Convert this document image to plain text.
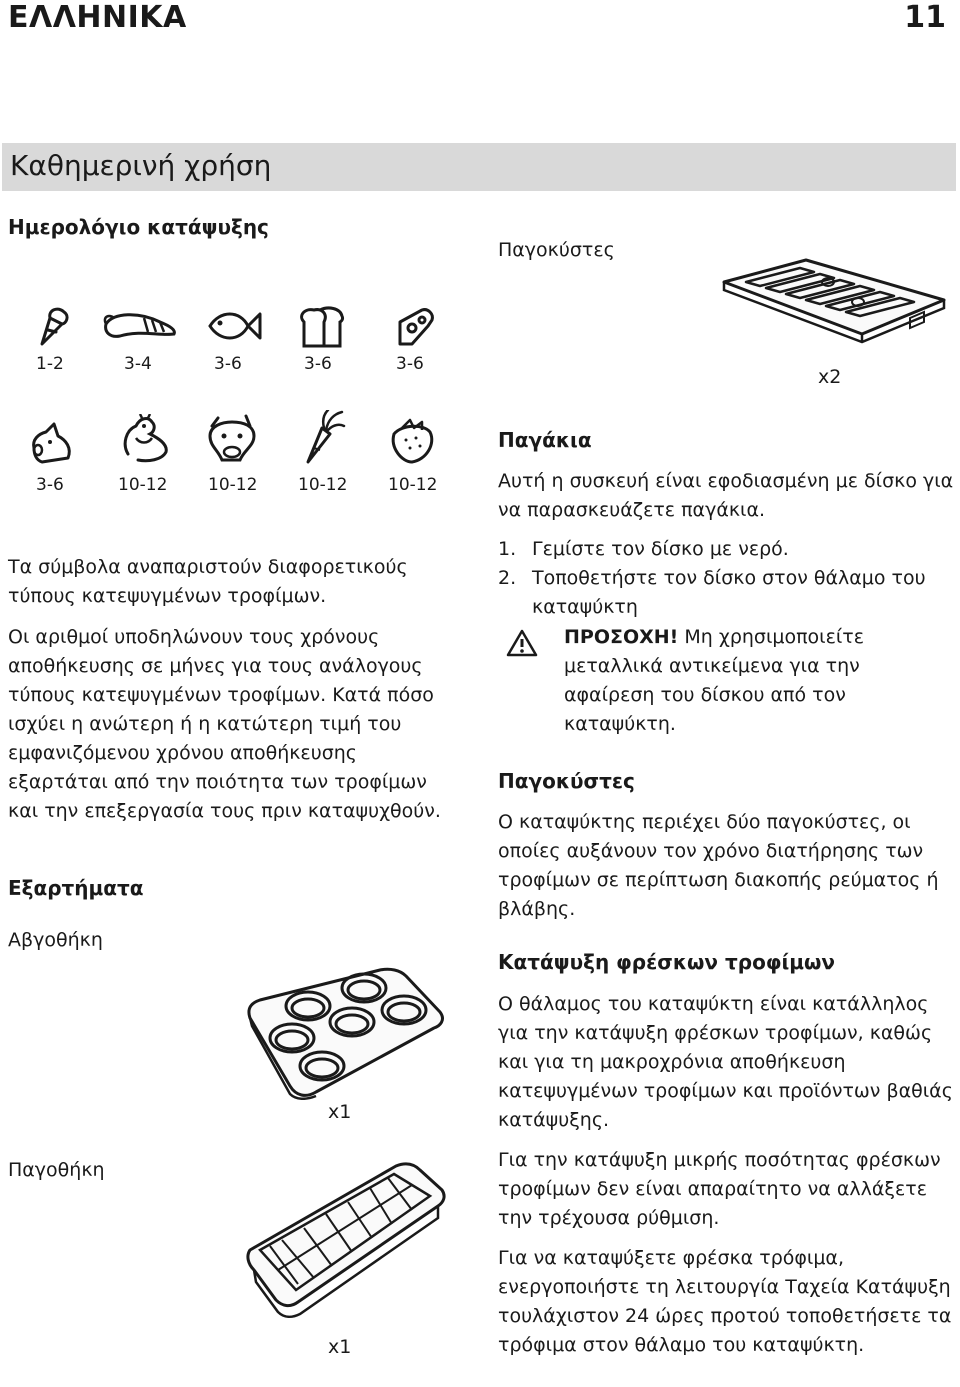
ΕΛΛΗΝΙΚΑ	11
Καθημερινή χρήση
Ημερολόγιο κατάψυξης
1-2	3-4	3-6	3-6	3-6
3-6	10-12 10-12 10-12 10-12

Τα σύμβολα αναπαριστούν διαφορετικούς τύπους κατεψυγμένων τροφίμων.

Οι αριθμοί υποδηλώνουν τους χρόνους αποθήκευσης σε μήνες για τους ανάλογους τύπους κατεψυγμένων τροφίμων. Κατά πόσο ισχύει η ανώτερη ή η κατώτερη τιμή του εμφανιζόμενου χρόνου αποθήκευσης εξαρτάται από την ποιότητα των τροφίμων και την επεξεργασία τους πριν καταψυχθούν.

Εξαρτήματα
Αβγοθήκη
x1
Παγοθήκη
x1
Παγοκύστες
x2
Παγάκια

Αυτή η συσκευή είναι εφοδιασμένη με δίσκο για να παρασκευάζετε παγάκια.

1. Γεμίστε τον δίσκο με νερό.
2. Τοποθετήστε τον δίσκο στον θάλαμο του καταψύκτη

ΠΡΟΣΟΧΗ! Μη χρησιμοποιείτε μεταλλικά αντικείμενα για την αφαίρεση του δίσκου από τον καταψύκτη.

Παγοκύστες

Ο καταψύκτης περιέχει δύο παγοκύστες, οι οποίες αυξάνουν τον χρόνο διατήρησης των τροφίμων σε περίπτωση διακοπής ρεύματος ή βλάβης.

Κατάψυξη φρέσκων τροφίμων

Ο θάλαμος του καταψύκτη είναι κατάλληλος για την κατάψυξη φρέσκων τροφίμων, καθώς και για τη μακροχρόνια αποθήκευση κατεψυγμένων τροφίμων και προϊόντων βαθιάς κατάψυξης.

Για την κατάψυξη μικρής ποσότητας φρέσκων τροφίμων δεν είναι απαραίτητο να αλλάξετε την τρέχουσα ρύθμιση.

Για να καταψύξετε φρέσκα τρόφιμα, ενεργοποιήστε τη λειτουργία Ταχεία Κατάψυξη τουλάχιστον 24 ώρες προτού τοποθετήσετε τα τρόφιμα στον θάλαμο του καταψύκτη.
